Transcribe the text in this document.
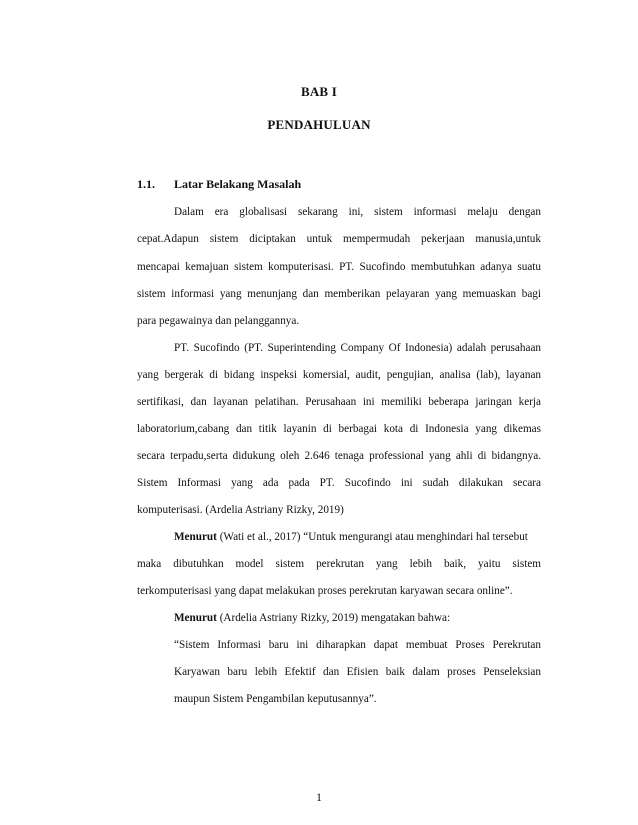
BAB I
PENDAHULUAN
1.1. Latar Belakang Masalah
Dalam era globalisasi sekarang ini, sistem informasi melaju dengan
cepat.Adapun sistem diciptakan untuk mempermudah pekerjaan manusia,untuk
mencapai kemajuan sistem komputerisasi. PT. Sucofindo membutuhkan adanya suatu
sistem informasi yang menunjang dan memberikan pelayaran yang memuaskan bagi
para pegawainya dan pelanggannya.
PT. Sucofindo (PT. Superintending Company Of Indonesia) adalah perusahaan
yang bergerak di bidang inspeksi komersial, audit, pengujian, analisa (lab), layanan
sertifikasi, dan layanan pelatihan. Perusahaan ini memiliki beberapa jaringan kerja
laboratorium,cabang dan titik layanin di berbagai kota di Indonesia yang dikemas
secara terpadu,serta didukung oleh 2.646 tenaga professional yang ahli di bidangnya.
Sistem Informasi yang ada pada PT. Sucofindo ini sudah dilakukan secara
komputerisasi. (Ardelia Astriany Rizky, 2019)
Menurut (Wati et al., 2017) “Untuk mengurangi atau menghindari hal tersebut
maka dibutuhkan model sistem perekrutan yang lebih baik, yaitu sistem
terkomputerisasi yang dapat melakukan proses perekrutan karyawan secara online”.
Menurut (Ardelia Astriany Rizky, 2019) mengatakan bahwa:
“Sistem Informasi baru ini diharapkan dapat membuat Proses Perekrutan
Karyawan baru lebih Efektif dan Efisien baik dalam proses Penseleksian
maupun Sistem Pengambilan keputusannya”.
1
